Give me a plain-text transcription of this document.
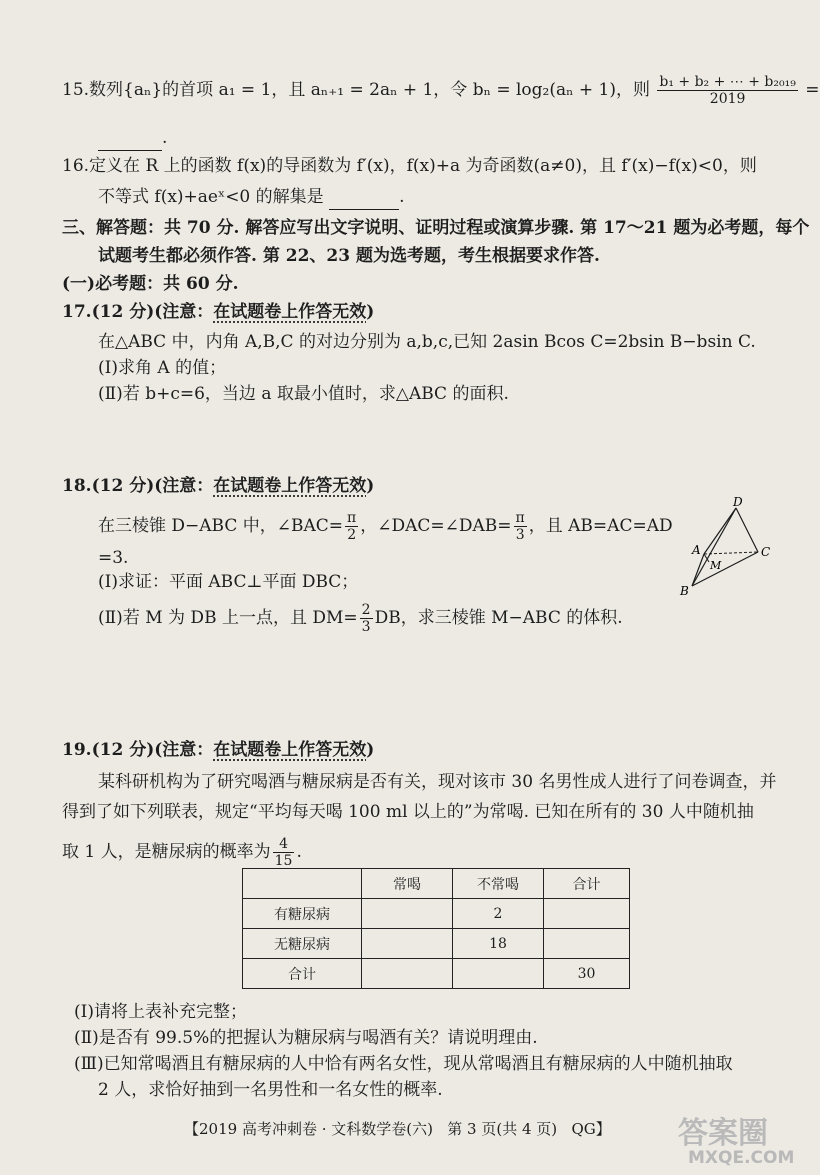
15.数列{aₙ}的首项 a₁ = 1，且 aₙ₊₁ = 2aₙ + 1，令 bₙ = log₂(aₙ + 1)，则 $\frac{\text{b₁ + b₂ + ⋯ + b₂₀₁₉}}{2019}$ =
.
16.定义在 R 上的函数 f(x)的导函数为 f′(x)，f(x)+a 为奇函数(a≠0)，且 f′(x)−f(x)<0，则
不等式 f(x)+aeˣ<0 的解集是	.
三、解答题：共 70 分. 解答应写出文字说明、证明过程或演算步骤. 第 17～21 题为必考题，每个
试题考生都必须作答. 第 22、23 题为选考题，考生根据要求作答.
(一)必考题：共 60 分.
17.(12 分)(注意：在试题卷上作答无效)
在△ABC 中，内角 A,B,C 的对边分别为 a,b,c,已知 2asin Bcos C=2bsin B−bsin C.
(Ⅰ)求角 A 的值；
(Ⅱ)若 b+c=6，当边 a 取最小值时，求△ABC 的面积.
18.(12 分)(注意：在试题卷上作答无效)
在三棱锥 D−ABC 中，∠BAC= $\frac{\pi}{2}$ ，∠DAC=∠DAB= $\frac{\pi}{3}$ ，且 AB=AC=AD
=3.
(Ⅰ)求证：平面 ABC⊥平面 DBC；
(Ⅱ)若 M 为 DB 上一点，且 $DM= \frac{2}{3}$ DB，求三棱锥 M−ABC 的体积.
D
A	C
M
B
19.(12 分)(注意：在试题卷上作答无效)
某科研机构为了研究喝酒与糖尿病是否有关，现对该市 30 名男性成人进行了问卷调查，并
得到了如下列联表，规定“平均每天喝 100 ml 以上的”为常喝. 已知在所有的 30 人中随机抽
取 1 人，是糖尿病的概率为 $\frac{4}{15}$ .
	常喝	不常喝	合计
有糖尿病		2	
无糖尿病		18	
合计			30
(Ⅰ)请将上表补充完整；
(Ⅱ)是否有 99.5%的把握认为糖尿病与喝酒有关？请说明理由.
(Ⅲ)已知常喝酒且有糖尿病的人中恰有两名女性，现从常喝酒且有糖尿病的人中随机抽取
2 人，求恰好抽到一名男性和一名女性的概率.
【2019 高考冲刺卷 · 文科数学卷(六) 第 3 页(共 4 页) QG】 答案圈
MXQE.COM
